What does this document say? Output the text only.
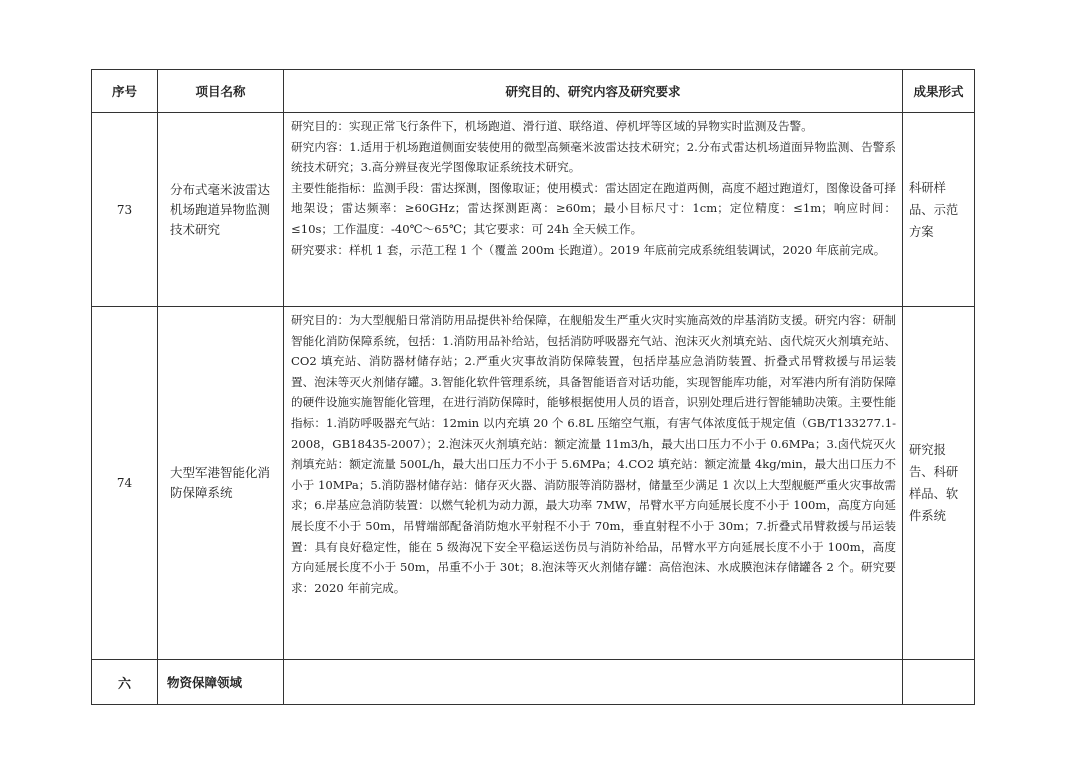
序号	项目名称	研究目的、研究内容及研究要求	成果形式
73	分布式毫米波雷达机场跑道异物监测技术研究	研究目的：实现正常飞行条件下，机场跑道、滑行道、联络道、停机坪等区域的异物实时监测及告警。

研究内容：1.适用于机场跑道侧面安装使用的微型高频毫米波雷达技术研究；2.分布式雷达机场道面异物监测、告警系统技术研究；3.高分辨昼夜光学图像取证系统技术研究。

主要性能指标：监测手段：雷达探测，图像取证；使用模式：雷达固定在跑道两侧，高度不超过跑道灯，图像设备可择地架设；雷达频率：≥60GHz；雷达探测距离：≥60m；最小目标尺寸：1cm；定位精度：≤1m；响应时间：≤10s；工作温度：-40℃～65℃；其它要求：可 24h 全天候工作。

研究要求：样机 1 套，示范工程 1 个（覆盖 200m 长跑道）。2019 年底前完成系统组装调试，2020 年底前完成。	科研样品、示范方案
74	大型军港智能化消防保障系统	研究目的：为大型舰船日常消防用品提供补给保障，在舰船发生严重火灾时实施高效的岸基消防支援。研究内容：研制智能化消防保障系统，包括：1.消防用品补给站，包括消防呼吸器充气站、泡沫灭火剂填充站、卤代烷灭火剂填充站、CO2 填充站、消防器材储存站；2.严重火灾事故消防保障装置，包括岸基应急消防装置、折叠式吊臂救援与吊运装置、泡沫等灭火剂储存罐。3.智能化软件管理系统，具备智能语音对话功能，实现智能库功能，对军港内所有消防保障的硬件设施实施智能化管理，在进行消防保障时，能够根据使用人员的语音，识别处理后进行智能辅助决策。主要性能指标：1.消防呼吸器充气站：12min 以内充填 20 个 6.8L 压缩空气瓶，有害气体浓度低于规定值（GB/T13327​7.1-2008，GB18435-2007）；2.泡沫灭火剂填充站：额定流量 11m3/h，最大出口压力不小于 0.6MPa；3.卤代烷灭火剂填充站：额定流量 500L/h，最大出口压力不小于 5.6MPa；4.CO2 填充站：额定流量 4kg/min，最大出口压力不小于 10MPa；5.消防器材储存站：储存灭火器、消防服等消防器材，储量至少满足 1 次以上大型舰艇严重火灾事故需求；6.岸基应急消防装置：以燃气轮机为动力源，最大功率 7MW，吊臂水平方向延展长度不小于 100m，高度方向延展长度不小于 50m，吊臂端部配备消防炮水平射程不小于 70m，垂直射程不小于 30m；7.折叠式吊臂救援与吊运装置：具有良好稳定性，能在 5 级海况下安全平稳运送伤员与消防补给品，吊臂水平方向延展长度不小于 100m，高度方向延展长度不小于 50m，吊重不小于 30t；8.泡沫等灭火剂储存罐：高倍泡沫、水成膜泡沫存储罐各 2 个。研究要求：2020 年前完成。	研究报告、科研样品、软件系统
六	物资保障领域		
